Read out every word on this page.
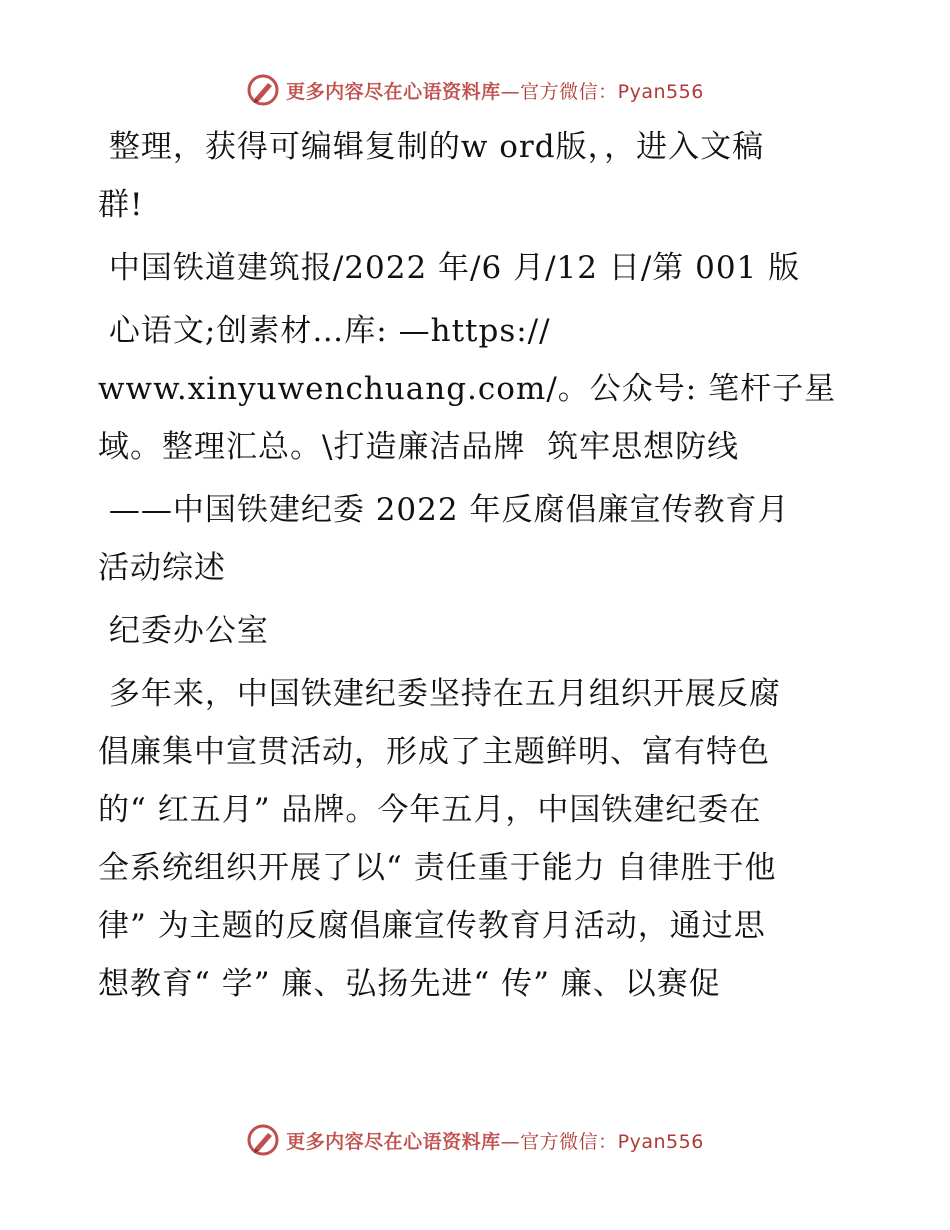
更多内容尽在心语资料库—官方微信：Pyan556

整理，获得可编辑复制的w ord版，，进入文稿

群!

中国铁道建筑报/2022 年/6 月/12 日/第 001 版

心语文;创素材…库: —https://

www.xinyuwenchuang.com/。公众号: 笔杆子星

域。整理汇总。\打造廉洁品牌  筑牢思想防线

——中国铁建纪委 2022 年反腐倡廉宣传教育月

活动综述

纪委办公室

多年来，中国铁建纪委坚持在五月组织开展反腐

倡廉集中宣贯活动，形成了主题鲜明、富有特色

的“ 红五月” 品牌。今年五月，中国铁建纪委在

全系统组织开展了以“ 责任重于能力 自律胜于他

律” 为主题的反腐倡廉宣传教育月活动，通过思

想教育“ 学” 廉、弘扬先进“ 传” 廉、以赛促

更多内容尽在心语资料库—官方微信：Pyan556
